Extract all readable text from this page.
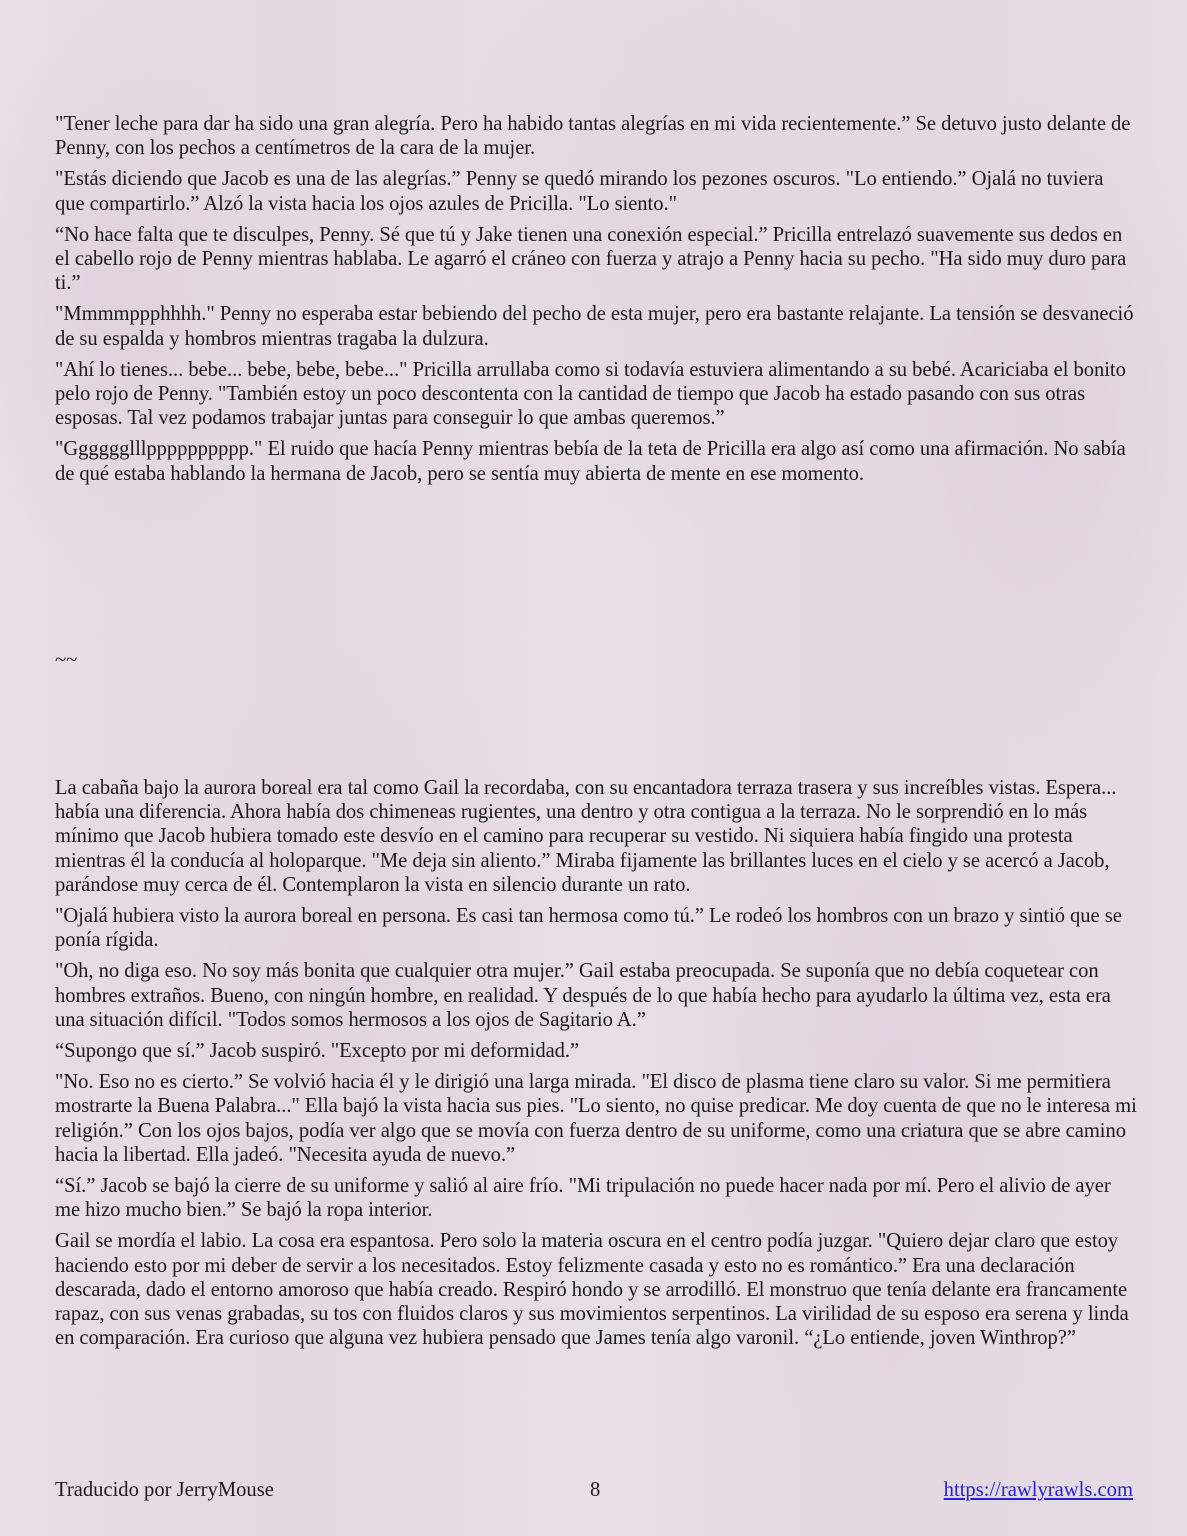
"Tener leche para dar ha sido una gran alegría. Pero ha habido tantas alegrías en mi vida recientemente.” Se detuvo justo delante de Penny, con los pechos a centímetros de la cara de la mujer.

"Estás diciendo que Jacob es una de las alegrías.” Penny se quedó mirando los pezones oscuros. "Lo entiendo.” Ojalá no tuviera que compartirlo.” Alzó la vista hacia los ojos azules de Pricilla. "Lo siento."

“No hace falta que te disculpes, Penny. Sé que tú y Jake tienen una conexión especial.” Pricilla entrelazó suavemente sus dedos en el cabello rojo de Penny mientras hablaba. Le agarró el cráneo con fuerza y atrajo a Penny hacia su pecho. "Ha sido muy duro para ti.”

"Mmmmppphhhh." Penny no esperaba estar bebiendo del pecho de esta mujer, pero era bastante relajante. La tensión se desvaneció de su espalda y hombros mientras tragaba la dulzura.

"Ahí lo tienes... bebe... bebe, bebe, bebe..." Pricilla arrullaba como si todavía estuviera alimentando a su bebé. Acariciaba el bonito pelo rojo de Penny. "También estoy un poco descontenta con la cantidad de tiempo que Jacob ha estado pasando con sus otras esposas. Tal vez podamos trabajar juntas para conseguir lo que ambas queremos.”

"Gggggglllpppppppppp." El ruido que hacía Penny mientras bebía de la teta de Pricilla era algo así como una afirmación. No sabía de qué estaba hablando la hermana de Jacob, pero se sentía muy abierta de mente en ese momento.

~~

La cabaña bajo la aurora boreal era tal como Gail la recordaba, con su encantadora terraza trasera y sus increíbles vistas. Espera... había una diferencia. Ahora había dos chimeneas rugientes, una dentro y otra contigua a la terraza. No le sorprendió en lo más mínimo que Jacob hubiera tomado este desvío en el camino para recuperar su vestido. Ni siquiera había fingido una protesta mientras él la conducía al holoparque. "Me deja sin aliento.” Miraba fijamente las brillantes luces en el cielo y se acercó a Jacob, parándose muy cerca de él. Contemplaron la vista en silencio durante un rato.

"Ojalá hubiera visto la aurora boreal en persona. Es casi tan hermosa como tú.” Le rodeó los hombros con un brazo y sintió que se ponía rígida.

"Oh, no diga eso. No soy más bonita que cualquier otra mujer.” Gail estaba preocupada. Se suponía que no debía coquetear con hombres extraños. Bueno, con ningún hombre, en realidad. Y después de lo que había hecho para ayudarlo la última vez, esta era una situación difícil. "Todos somos hermosos a los ojos de Sagitario A.”

“Supongo que sí.” Jacob suspiró. "Excepto por mi deformidad.”

"No. Eso no es cierto.” Se volvió hacia él y le dirigió una larga mirada. "El disco de plasma tiene claro su valor. Si me permitiera mostrarte la Buena Palabra..." Ella bajó la vista hacia sus pies. "Lo siento, no quise predicar. Me doy cuenta de que no le interesa mi religión.” Con los ojos bajos, podía ver algo que se movía con fuerza dentro de su uniforme, como una criatura que se abre camino hacia la libertad. Ella jadeó. "Necesita ayuda de nuevo.”

“Sí.” Jacob se bajó la cierre de su uniforme y salió al aire frío. "Mi tripulación no puede hacer nada por mí. Pero el alivio de ayer me hizo mucho bien.” Se bajó la ropa interior.

Gail se mordía el labio. La cosa era espantosa. Pero solo la materia oscura en el centro podía juzgar. "Quiero dejar claro que estoy haciendo esto por mi deber de servir a los necesitados. Estoy felizmente casada y esto no es romántico.” Era una declaración descarada, dado el entorno amoroso que había creado. Respiró hondo y se arrodilló. El monstruo que tenía delante era francamente rapaz, con sus venas grabadas, su tos con fluidos claros y sus movimientos serpentinos. La virilidad de su esposo era serena y linda en comparación. Era curioso que alguna vez hubiera pensado que James tenía algo varonil. “¿Lo entiende, joven Winthrop?”

Traducido por JerryMouse	8	https://rawlyrawls.com
